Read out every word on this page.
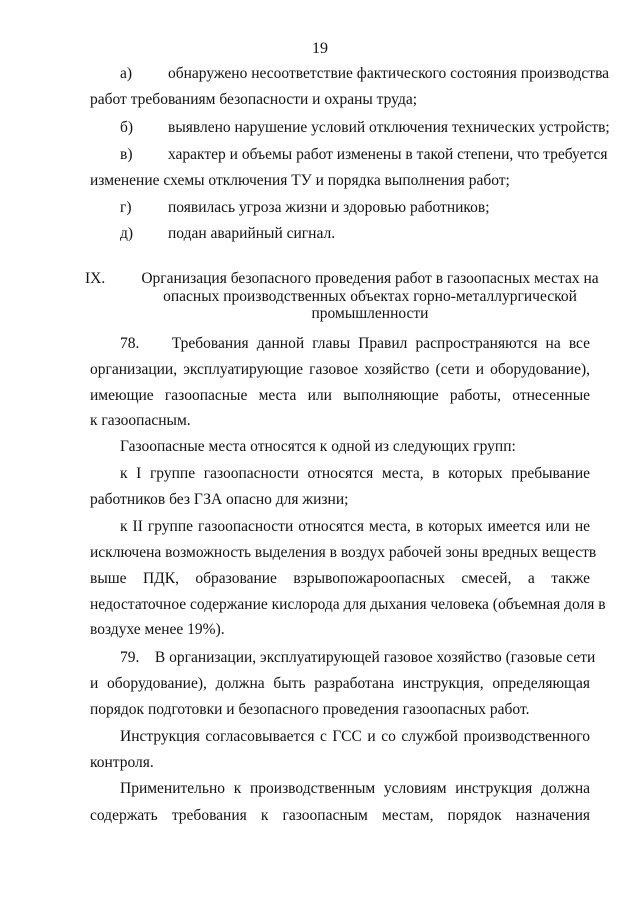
19
а) обнаружено несоответствие фактического состояния производства
работ требованиям безопасности и охраны труда;
б) выявлено нарушение условий отключения технических устройств;
в) характер и объемы работ изменены в такой степени, что требуется
изменение схемы отключения ТУ и порядка выполнения работ;
г) появилась угроза жизни и здоровью работников;
д) подан аварийный сигнал.
IX. Организация безопасного проведения работ в газоопасных местах на
опасных производственных объектах горно-металлургической
промышленности
78.    Требования данной главы Правил распространяются на все
организации, эксплуатирующие газовое хозяйство (сети и оборудование),
имеющие газоопасные места или выполняющие работы, отнесенные
к газоопасным.
Газоопасные места относятся к одной из следующих групп:
к I группе газоопасности относятся места, в которых пребывание
работников без ГЗА опасно для жизни;
к II группе газоопасности относятся места, в которых имеется или не
исключена возможность выделения в воздух рабочей зоны вредных веществ
выше ПДК, образование взрывопожароопасных смесей, а также
недостаточное содержание кислорода для дыхания человека (объемная доля в
воздухе менее 19%).
79.    В организации, эксплуатирующей газовое хозяйство (газовые сети
и оборудование), должна быть разработана инструкция, определяющая
порядок подготовки и безопасного проведения газоопасных работ.
Инструкция согласовывается с ГСС и со службой производственного
контроля.
Применительно к производственным условиям инструкция должна
содержать требования к газоопасным местам, порядок назначения
